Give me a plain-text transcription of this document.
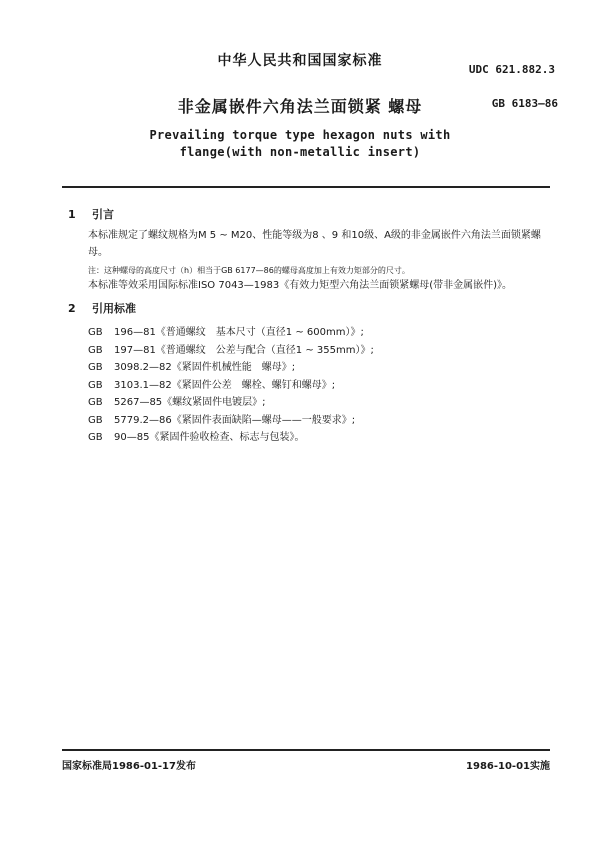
中华人民共和国国家标准
UDC 621.882.3
非金属嵌件六角法兰面锁紧 螺母	GB 6183—86
Prevailing torque type hexagon nuts with
flange(with non-metallic insert)
1 引言
本标准规定了螺纹规格为M 5 ~ M20、性能等级为8 、9 和10级、A级的非金属嵌件六角法兰面锁紧螺母。
注：这种螺母的高度尺寸（h）相当于GB 6177—86的螺母高度加上有效力矩部分的尺寸。
本标准等效采用国际标准ISO 7043—1983《有效力矩型六角法兰面锁紧螺母(带非金属嵌件)》。
2 引用标准
GB 196—81《普通螺纹　基本尺寸（直径1 ~ 600mm）》;
GB 197—81《普通螺纹　公差与配合（直径1 ~ 355mm）》;
GB 3098.2—82《紧固件机械性能　螺母》;
GB 3103.1—82《紧固件公差　螺栓、螺钉和螺母》;
GB 5267—85《螺纹紧固件电镀层》;
GB 5779.2—86《紧固件表面缺陷—螺母——一般要求》;
GB 90—85《紧固件验收检查、标志与包装》。
国家标准局1986-01-17发布	1986-10-01实施
